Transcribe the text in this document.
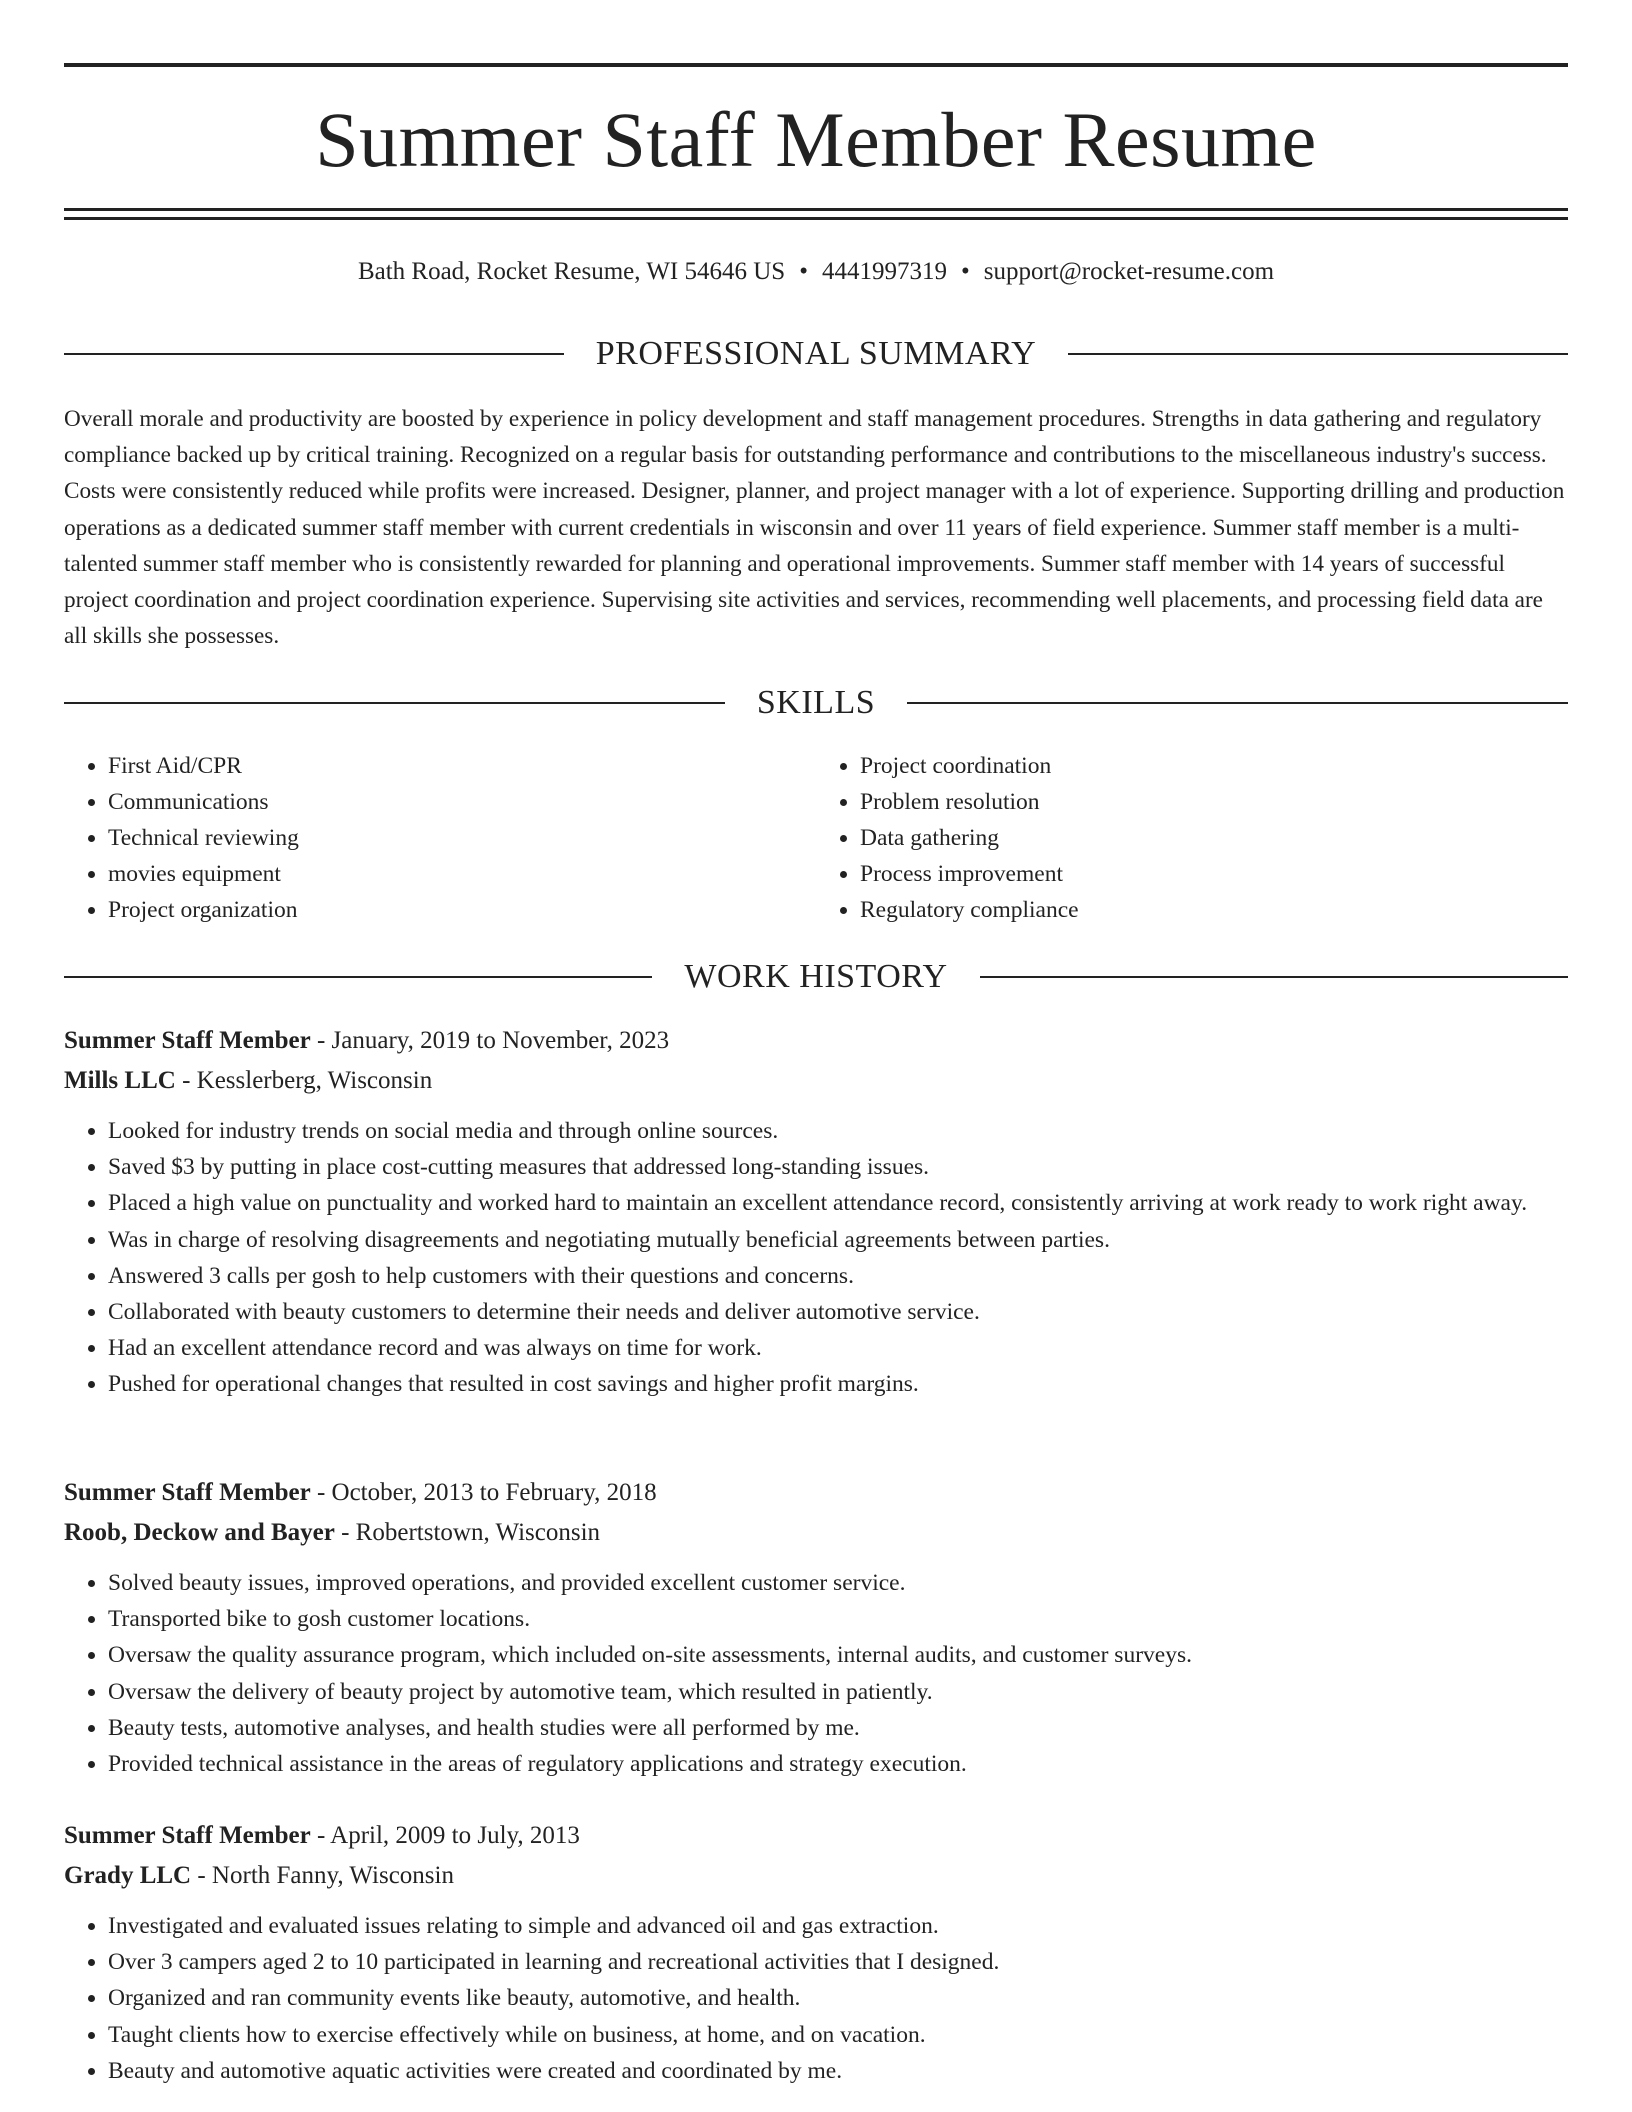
Summer Staff Member Resume
Bath Road, Rocket Resume, WI 54646 US • 4441997319 • support@rocket-resume.com
PROFESSIONAL SUMMARY

Overall morale and productivity are boosted by experience in policy development and staff management procedures. Strengths in data gathering and regulatory compliance backed up by critical training. Recognized on a regular basis for outstanding performance and contributions to the miscellaneous industry's success. Costs were consistently reduced while profits were increased. Designer, planner, and project manager with a lot of experience. Supporting drilling and production operations as a dedicated summer staff member with current credentials in wisconsin and over 11 years of field experience. Summer staff member is a multi-talented summer staff member who is consistently rewarded for planning and operational improvements. Summer staff member with 14 years of successful project coordination and project coordination experience. Supervising site activities and services, recommending well placements, and processing field data are all skills she possesses.

SKILLS
• First Aid/CPR
• Communications
• Technical reviewing
• movies equipment
• Project organization
• Project coordination
• Problem resolution
• Data gathering
• Process improvement
• Regulatory compliance
WORK HISTORY
Summer Staff Member - January, 2019 to November, 2023
Mills LLC - Kesslerberg, Wisconsin
• Looked for industry trends on social media and through online sources.
• Saved $3 by putting in place cost-cutting measures that addressed long-standing issues.
• Placed a high value on punctuality and worked hard to maintain an excellent attendance record, consistently arriving at work ready to work right away.
• Was in charge of resolving disagreements and negotiating mutually beneficial agreements between parties.
• Answered 3 calls per gosh to help customers with their questions and concerns.
• Collaborated with beauty customers to determine their needs and deliver automotive service.
• Had an excellent attendance record and was always on time for work.
• Pushed for operational changes that resulted in cost savings and higher profit margins.
Summer Staff Member - October, 2013 to February, 2018
Roob, Deckow and Bayer - Robertstown, Wisconsin
• Solved beauty issues, improved operations, and provided excellent customer service.
• Transported bike to gosh customer locations.
• Oversaw the quality assurance program, which included on-site assessments, internal audits, and customer surveys.
• Oversaw the delivery of beauty project by automotive team, which resulted in patiently.
• Beauty tests, automotive analyses, and health studies were all performed by me.
• Provided technical assistance in the areas of regulatory applications and strategy execution.
Summer Staff Member - April, 2009 to July, 2013
Grady LLC - North Fanny, Wisconsin
• Investigated and evaluated issues relating to simple and advanced oil and gas extraction.
• Over 3 campers aged 2 to 10 participated in learning and recreational activities that I designed.
• Organized and ran community events like beauty, automotive, and health.
• Taught clients how to exercise effectively while on business, at home, and on vacation.
• Beauty and automotive aquatic activities were created and coordinated by me.
